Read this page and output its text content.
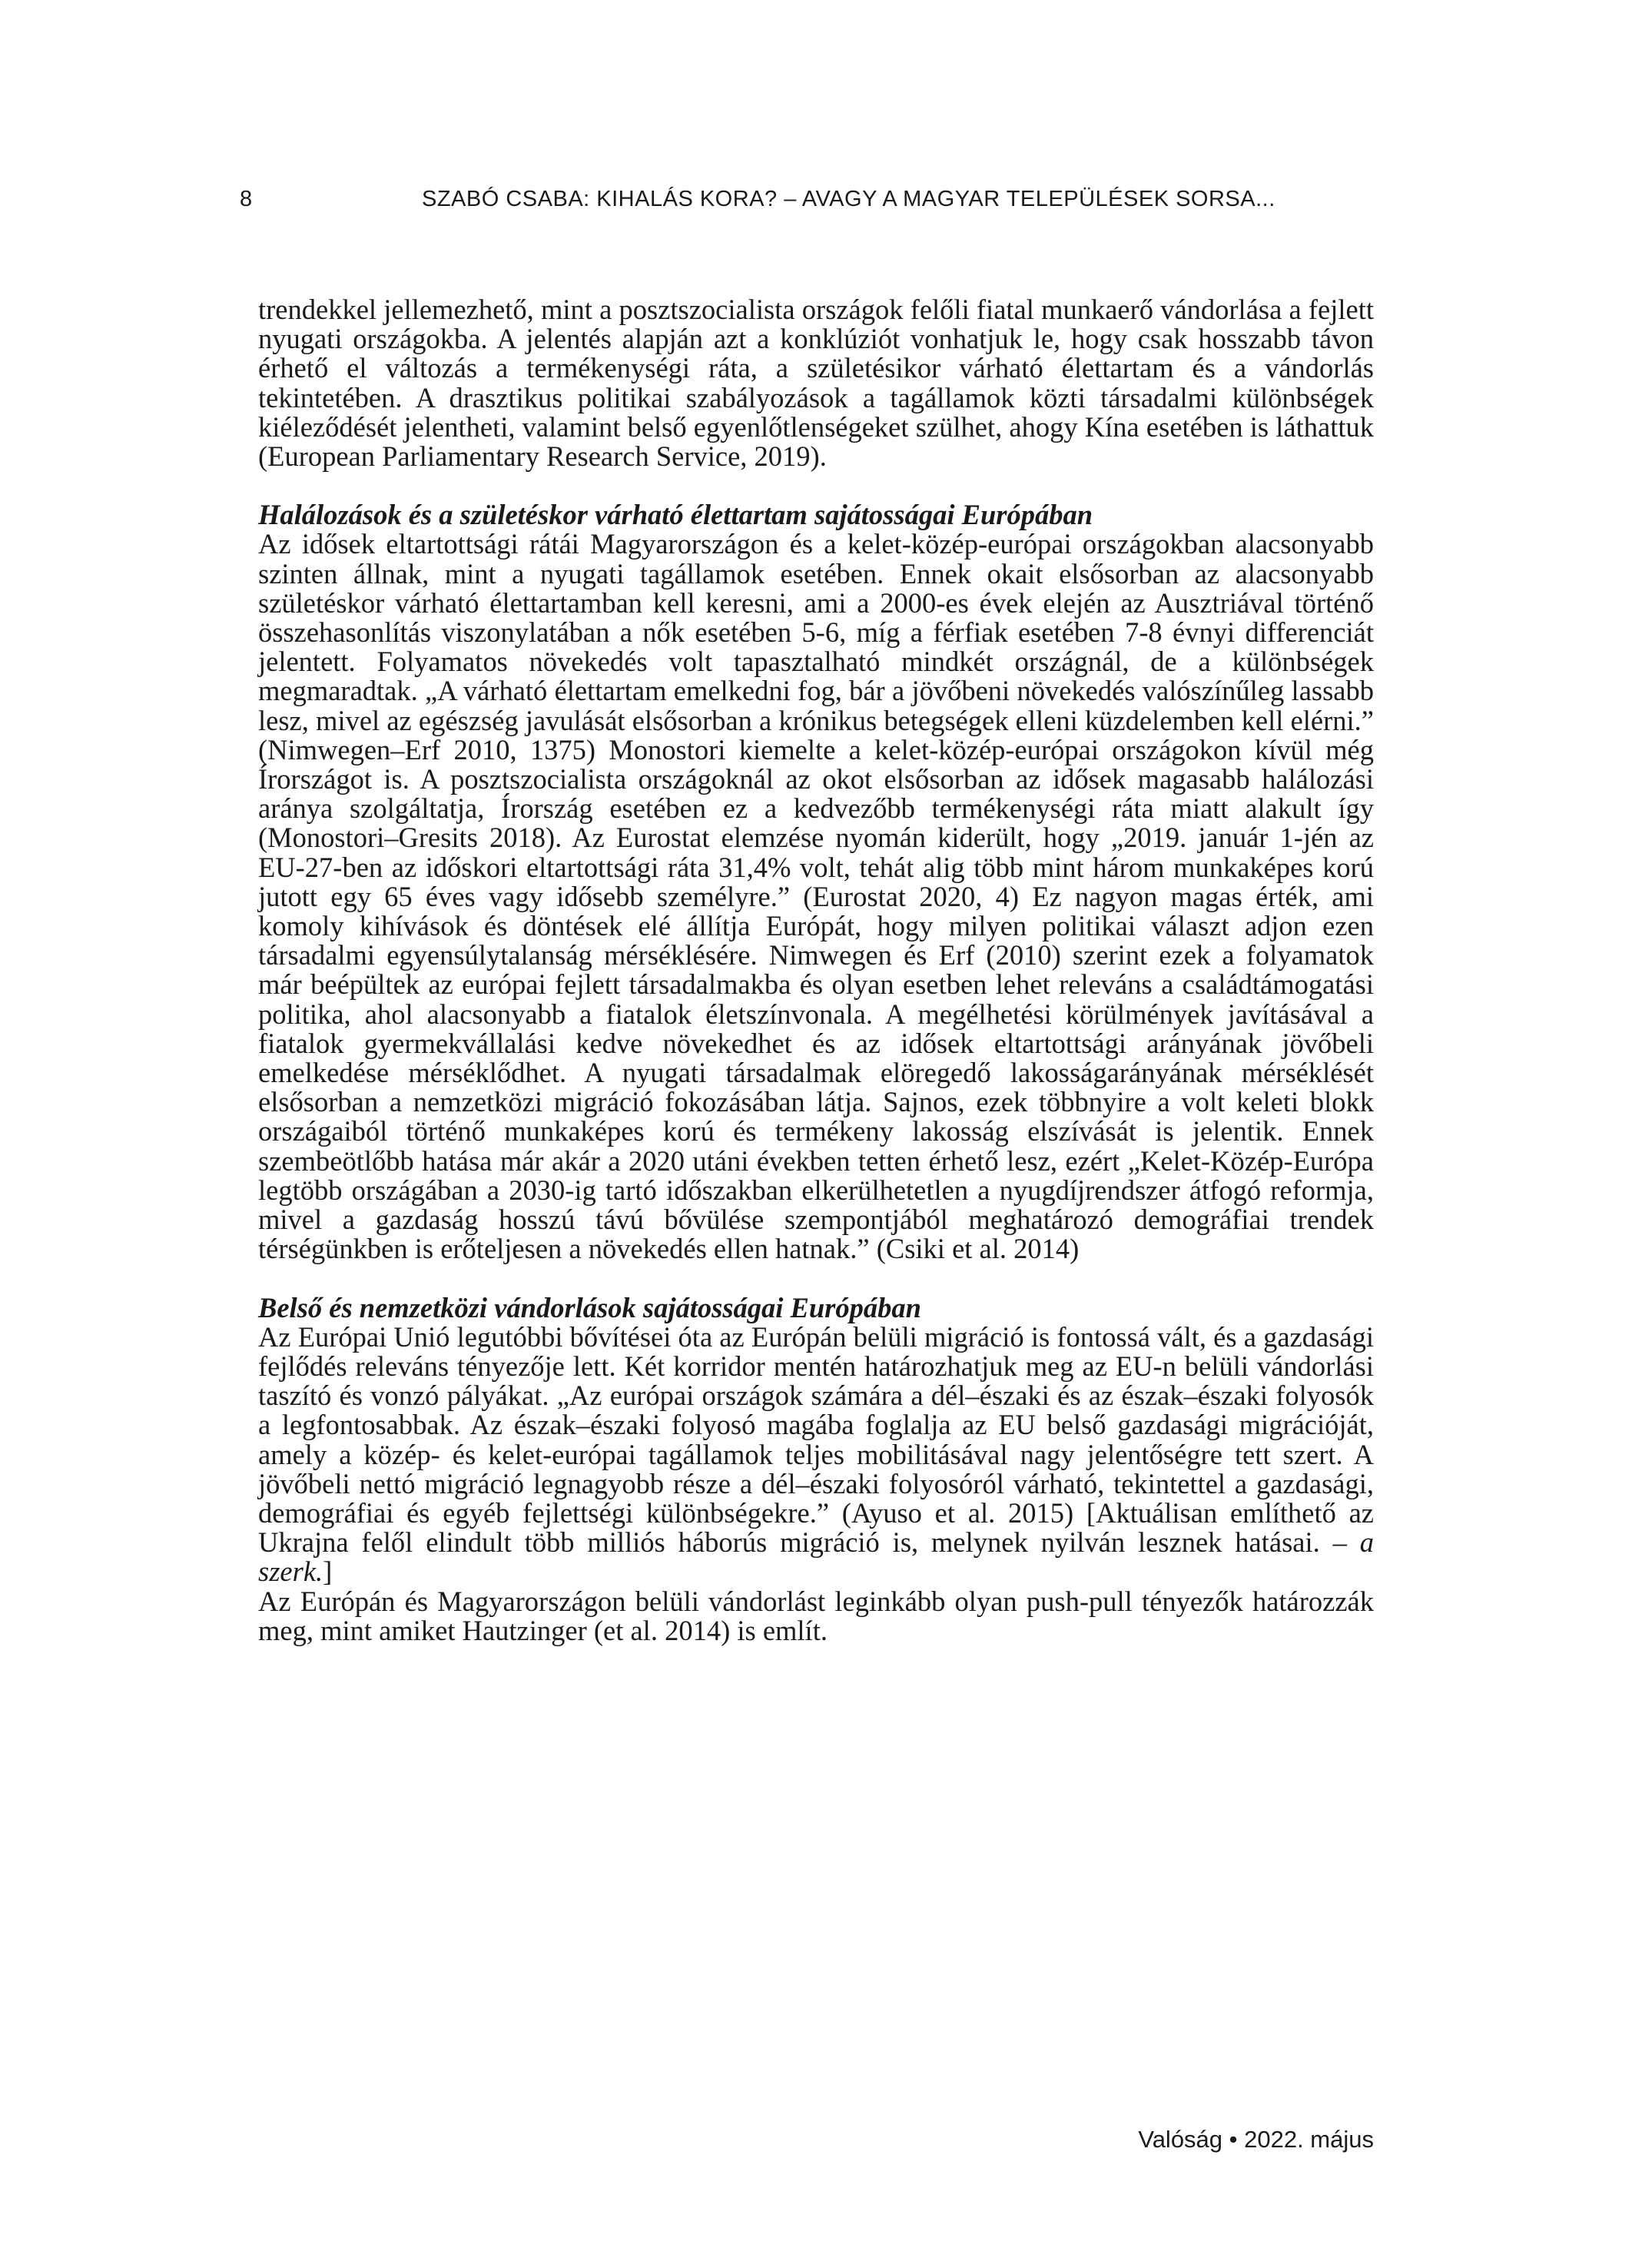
8	SZABÓ CSABA: KIHALÁS KORA? – AVAGY A MAGYAR TELEPÜLÉSEK SORSA...

trendekkel jellemezhető, mint a posztszocialista országok felőli fiatal munkaerő vándorlása a fejlett nyugati országokba. A jelentés alapján azt a konklúziót vonhatjuk le, hogy csak hosszabb távon érhető el változás a termékenységi ráta, a születésikor várható élettartam és a vándorlás tekintetében. A drasztikus politikai szabályozások a tagállamok közti társadalmi különbségek kiéleződését jelentheti, valamint belső egyenlőtlenségeket szülhet, ahogy Kína esetében is láthattuk (European Parliamentary Research Service, 2019).

Halálozások és a születéskor várható élettartam sajátosságai Európában

Az idősek eltartottsági rátái Magyarországon és a kelet-közép-európai országokban alacsonyabb szinten állnak, mint a nyugati tagállamok esetében. Ennek okait elsősorban az alacsonyabb születéskor várható élettartamban kell keresni, ami a 2000-es évek elején az Ausztriával történő összehasonlítás viszonylatában a nők esetében 5-6, míg a férfiak esetében 7-8 évnyi differenciát jelentett. Folyamatos növekedés volt tapasztalható mindkét országnál, de a különbségek megmaradtak. „A várható élettartam emelkedni fog, bár a jövőbeni növekedés valószínűleg lassabb lesz, mivel az egészség javulását elsősorban a krónikus betegségek elleni küzdelemben kell elérni.” (Nimwegen–Erf 2010, 1375) Monostori kiemelte a kelet-közép-európai országokon kívül még Írországot is. A posztszocialista országoknál az okot elsősorban az idősek magasabb halálozási aránya szolgáltatja, Írország esetében ez a kedvezőbb termékenységi ráta miatt alakult így (Monostori–Gresits 2018). Az Eurostat elemzése nyomán kiderült, hogy „2019. január 1-jén az EU-27-ben az időskori eltartottsági ráta 31,4% volt, tehát alig több mint három munkaképes korú jutott egy 65 éves vagy idősebb személyre.” (Eurostat 2020, 4) Ez nagyon magas érték, ami komoly kihívások és döntések elé állítja Európát, hogy milyen politikai választ adjon ezen társadalmi egyensúlytalanság mérséklésére. Nimwegen és Erf (2010) szerint ezek a folyamatok már beépültek az európai fejlett társadalmakba és olyan esetben lehet releváns a családtámogatási politika, ahol alacsonyabb a fiatalok életszínvonala. A megélhetési körülmények javításával a fiatalok gyermekvállalási kedve növekedhet és az idősek eltartottsági arányának jövőbeli emelkedése mérséklődhet. A nyugati társadalmak elöregedő lakosságarányának mérséklését elsősorban a nemzetközi migráció fokozásában látja. Sajnos, ezek többnyire a volt keleti blokk országaiból történő munkaképes korú és termékeny lakosság elszívását is jelentik. Ennek szembeötlőbb hatása már akár a 2020 utáni években tetten érhető lesz, ezért „Kelet-Közép-Európa legtöbb országában a 2030-ig tartó időszakban elkerülhetetlen a nyugdíjrendszer átfogó reformja, mivel a gazdaság hosszú távú bővülése szempontjából meghatározó demográfiai trendek térségünkben is erőteljesen a növekedés ellen hatnak.” (Csiki et al. 2014)

Belső és nemzetközi vándorlások sajátosságai Európában

Az Európai Unió legutóbbi bővítései óta az Európán belüli migráció is fontossá vált, és a gazdasági fejlődés releváns tényezője lett. Két korridor mentén határozhatjuk meg az EU-n belüli vándorlási taszító és vonzó pályákat. „Az európai országok számára a dél–északi és az észak–északi folyosók a legfontosabbak. Az észak–északi folyosó magába foglalja az EU belső gazdasági migrációját, amely a közép- és kelet-európai tagállamok teljes mobilitásával nagy jelentőségre tett szert. A jövőbeli nettó migráció legnagyobb része a dél–északi folyosóról várható, tekintettel a gazdasági, demográfiai és egyéb fejlettségi különbségekre.” (Ayuso et al. 2015) [Aktuálisan említhető az Ukrajna felől elindult több milliós háborús migráció is, melynek nyilván lesznek hatásai. – a szerk.]

Az Európán és Magyarországon belüli vándorlást leginkább olyan push-pull tényezők határozzák meg, mint amiket Hautzinger (et al. 2014) is említ.

Valóság • 2022. május
